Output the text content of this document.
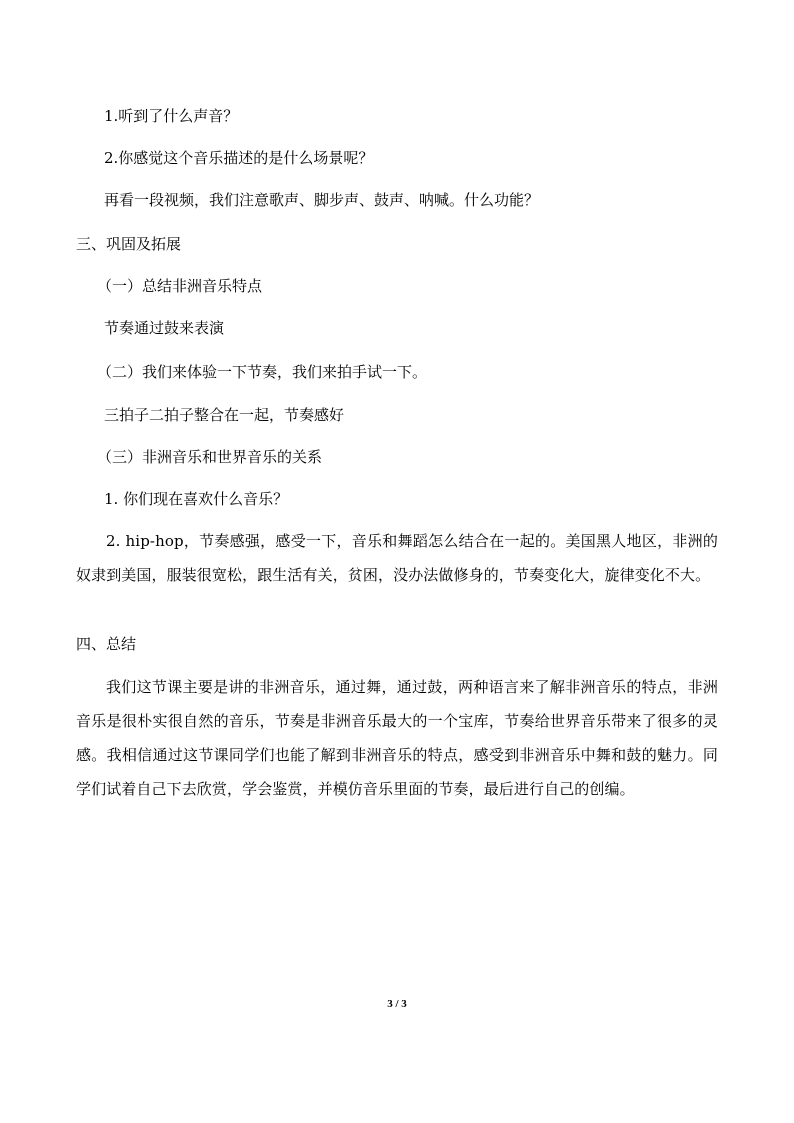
1.听到了什么声音？

2.你感觉这个音乐描述的是什么场景呢？

再看一段视频，我们注意歌声、脚步声、鼓声、呐喊。什么功能？

三、巩固及拓展

（一）总结非洲音乐特点

节奏通过鼓来表演

（二）我们来体验一下节奏，我们来拍手试一下。

三拍子二拍子整合在一起，节奏感好

（三）非洲音乐和世界音乐的关系

1. 你们现在喜欢什么音乐？

2. hip-hop，节奏感强，感受一下，音乐和舞蹈怎么结合在一起的。美国黑人地区，非洲的奴隶到美国，服装很宽松，跟生活有关，贫困，没办法做修身的，节奏变化大，旋律变化不大。

四、总结

我们这节课主要是讲的非洲音乐，通过舞，通过鼓，两种语言来了解非洲音乐的特点，非洲音乐是很朴实很自然的音乐，节奏是非洲音乐最大的一个宝库，节奏给世界音乐带来了很多的灵感。我相信通过这节课同学们也能了解到非洲音乐的特点，感受到非洲音乐中舞和鼓的魅力。同学们试着自己下去欣赏，学会鉴赏，并模仿音乐里面的节奏，最后进行自己的创编。

3 / 3
